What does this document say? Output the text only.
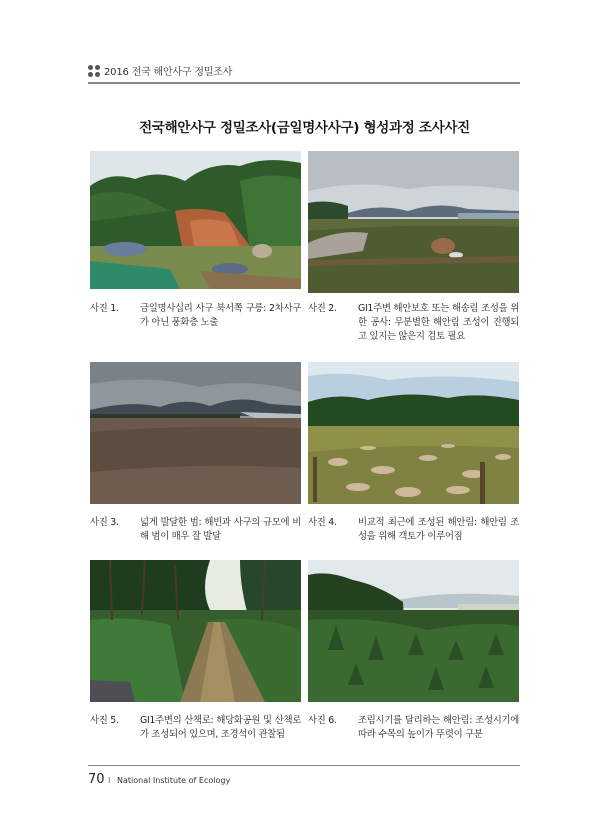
2016 전국 해안사구 정밀조사
전국해안사구 정밀조사(금일명사사구) 형성과정 조사사진
사진 1. 금일명사십리 사구 북서쪽 구릉: 2차사구가 아닌 풍화층 노출
사진 2. GI1주변 해안보호 또는 해송림 조성을 위한 공사: 무분별한 해안림 조성이 진행되고 있지는 않은지 검토 필요
사진 3. 넓게 발달한 범: 해빈과 사구의 규모에 비해 범이 매우 잘 발달
사진 4. 비교적 최근에 조성된 해안림: 해안림 조성을 위해 객토가 이루어짐
사진 5. GI1주변의 산책로: 해당화공원 및 산책로가 조성되어 있으며, 조경석이 관찰됨
사진 6. 조림시기를 달리하는 해안림: 조성시기에 따라 수목의 높이가 뚜렷이 구분
70 I National Institute of Ecology
